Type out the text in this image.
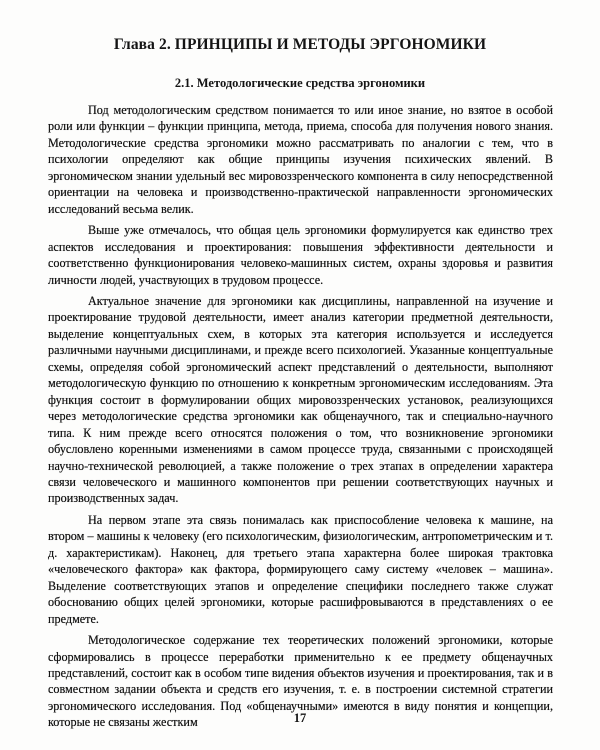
Глава 2. ПРИНЦИПЫ И МЕТОДЫ ЭРГОНОМИКИ
2.1. Методологические средства эргономики

Под методологическим средством понимается то или иное знание, но взятое в особой роли или функции – функции принципа, метода, приема, способа для получения нового знания. Методологические средства эргономики можно рассматривать по аналогии с тем, что в психологии определяют как общие принципы изучения психических явлений. В эргономическом знании удельный вес мировоззренческого компонента в силу непосредственной ориентации на человека и производственно-практической направленности эргономических исследований весьма велик.

Выше уже отмечалось, что общая цель эргономики формулируется как единство трех аспектов исследования и проектирования: повышения эффективности деятельности и соответственно функционирования человеко-машинных систем, охраны здоровья и развития личности людей, участвующих в трудовом процессе.

Актуальное значение для эргономики как дисциплины, направленной на изучение и проектирование трудовой деятельности, имеет анализ категории предметной деятельности, выделение концептуальных схем, в которых эта категория используется и исследуется различными научными дисциплинами, и прежде всего психологией. Указанные концептуальные схемы, определяя собой эргономический аспект представлений о деятельности, выполняют методологическую функцию по отношению к конкретным эргономическим исследованиям. Эта функция состоит в формулировании общих мировоззренческих установок, реализующихся через методологические средства эргономики как общенаучного, так и специально-научного типа. К ним прежде всего относятся положения о том, что возникновение эргономики обусловлено коренными изменениями в самом процессе труда, связанными с происходящей научно-технической революцией, а также положение о трех этапах в определении характера связи человеческого и машинного компонентов при решении соответствующих научных и производственных задач.

На первом этапе эта связь понималась как приспособление человека к машине, на втором – машины к человеку (его психологическим, физиологическим, антропометрическим и т. д. характеристикам). Наконец, для третьего этапа характерна более широкая трактовка «человеческого фактора» как фактора, формирующего саму систему «человек – машина». Выделение соответствующих этапов и определение специфики последнего также служат обоснованию общих целей эргономики, которые расшифровываются в представлениях о ее предмете.

Методологическое содержание тех теоретических положений эргономики, которые сформировались в процессе переработки применительно к ее предмету общенаучных представлений, состоит как в особом типе видения объектов изучения и проектирования, так и в совместном задании объекта и средств его изучения, т. е. в построении системной стратегии эргономического исследования. Под «общенаучными» имеются в виду понятия и концепции, которые не связаны жестким	17
